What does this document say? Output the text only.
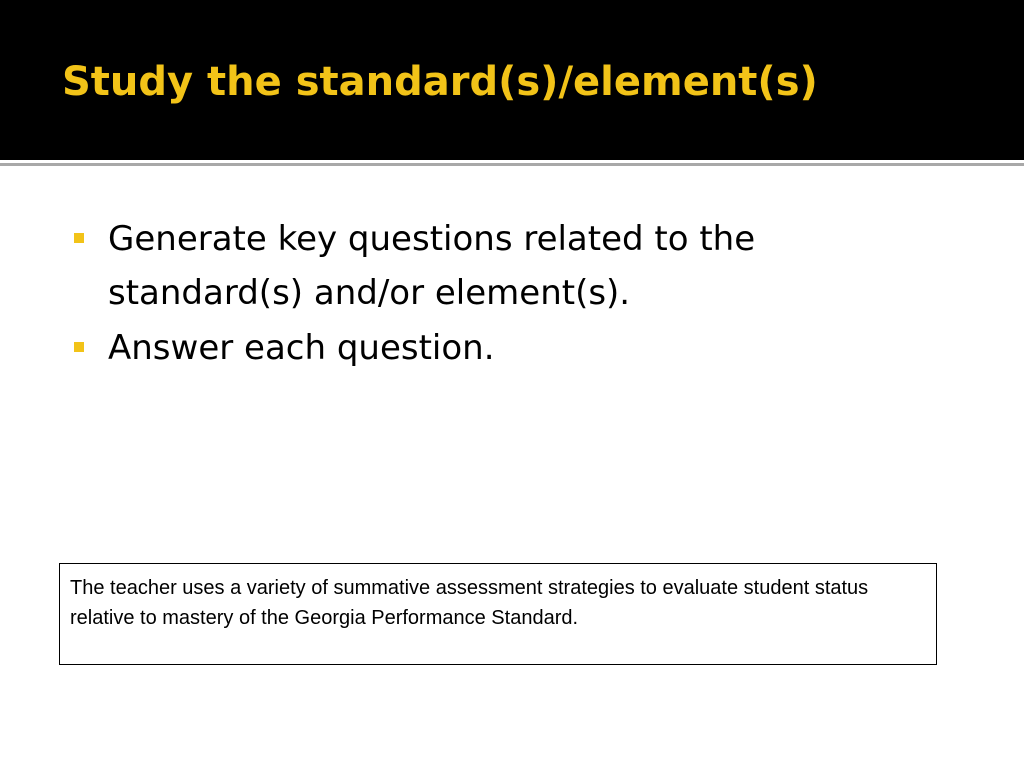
Study the standard(s)/element(s)
Generate key questions related to the standard(s) and/or element(s).
Answer each question.
The teacher uses a variety of summative assessment strategies to evaluate student status relative to mastery of the Georgia Performance Standard.
